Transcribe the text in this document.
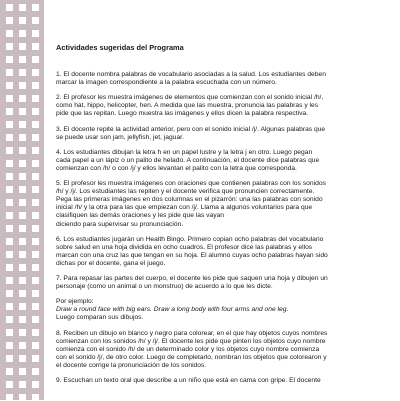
Actividades sugeridas del Programa
1. El docente nombra palabras de vocabulario asociadas a la salud. Los estudiantes deben
marcar la imagen correspondiente a la palabra escuchada con un número.
2. El profesor les muestra imágenes de elementos que comienzan con el sonido inicial /h/,
como hat, hippo, helicopter, hen. A medida que las muestra, pronuncia las palabras y les
pide que las repitan. Luego muestra las imágenes y ellos dicen la palabra respectiva.
3. El docente repite la actividad anterior, pero con el sonido inicial /j/. Algunas palabras que
se puede usar son jam, jellyfish, jet, jaguar.
4. Los estudiantes dibujan la letra h en un papel lustre y la letra j en otro. Luego pegan
cada papel a un lápiz o un palito de helado. A continuación, el docente dice palabras que
comienzan con /h/ o con /j/ y ellos levantan el palito con la letra que corresponda.
5. El profesor les muestra imágenes con oraciones que contienen palabras con los sonidos
/h/ y /j/. Los estudiantes las repiten y el docente verifica que pronuncien correctamente.
Pega las primeras imágenes en dos columnas en el pizarrón: una las palabras con sonido
inicial /h/ y la otra para las que empiezan con /j/. Llama a algunos voluntarios para que
clasifiquen las demás oraciones y les pide que las vayan
diciendo para supervisar su pronunciación.
6. Los estudiantes jugarán un Health Bingo. Primero copian ocho palabras del vocabulario
sobre salud en una hoja dividida en ocho cuadros. El profesor dice las palabras y ellos
marcan con una cruz las que tengan en su hoja. El alumno cuyas ocho palabras hayan sido
dichas por el docente, gana el juego.
7. Para repasar las partes del cuerpo, el docente les pide que saquen una hoja y dibujen un
personaje (como un animal o un monstruo) de acuerdo a lo que les dicte.
Por ejemplo:
Draw a round face with big ears. Draw a long body with four arms and one leg.
Luego comparan sus dibujos.
8. Reciben un dibujo en blanco y negro para colorear, en el que hay objetos cuyos nombres
comienzan con los sonidos /h/ y /j/. El docente les pide que pinten los objetos cuyo nombre
comienza con el sonido /h/ de un determinado color y los objetos cuyo nombre comienza
con el sonido /j/, de otro color. Luego de completarlo, nombran los objetos que colorearon y
el docente corrige la pronunciación de los sonidos.
9. Escuchan un texto oral que describe a un niño que está en cama con gripe. El docente
